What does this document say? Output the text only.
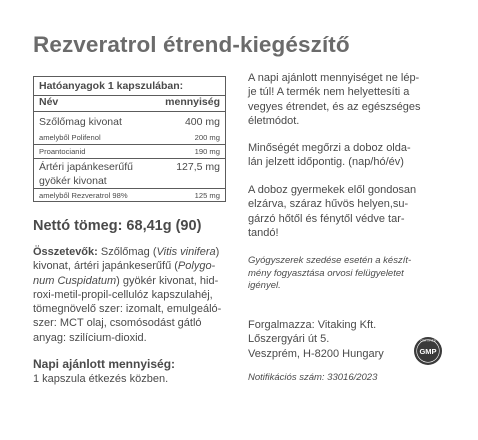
Rezveratrol étrend-kiegészítő
Hatóanyagok 1 kapszulában:
Név	mennyiség
Szőlőmag kivonat	400 mg
amelyből Polifenol	200 mg
Proantocianid	190 mg
Ártéri japánkeserűfű	127,5 mg
gyökér kivonat
amelyből Rezveratrol 98%	125 mg
Nettó tömeg: 68,41g (90)
Összetevők: Szőlőmag (Vitis vinifera)
kivonat, ártéri japánkeserűfű (Polygo-
num Cuspidatum) gyökér kivonat, hid-
roxi-metil-propil-cellulóz kapszulahéj,
tömegnövelő szer: izomalt, emulgeáló-
szer: MCT olaj, csomósodást gátló
anyag: szilícium-dioxid.
Napi ajánlott mennyiség:
1 kapszula étkezés közben.
A napi ajánlott mennyiséget ne lép-
je túl! A termék nem helyettesíti a
vegyes étrendet, és az egészséges
életmódot.
Minőségét megőrzi a doboz olda-
lán jelzett időpontig. (nap/hó/év)
A doboz gyermekek elől gondosan
elzárva, száraz hűvös helyen,su-
gárzó hőtől és fénytől védve tar-
tandó!
Gyógyszerek szedése esetén a készít-
mény fogyasztása orvosi felügyeletet
igényel.
Forgalmazza: Vitaking Kft.
Lőszergyári út 5.
Veszprém, H-8200 Hungary
Notifikációs szám: 33016/2023
CERTIFIED
GMP
